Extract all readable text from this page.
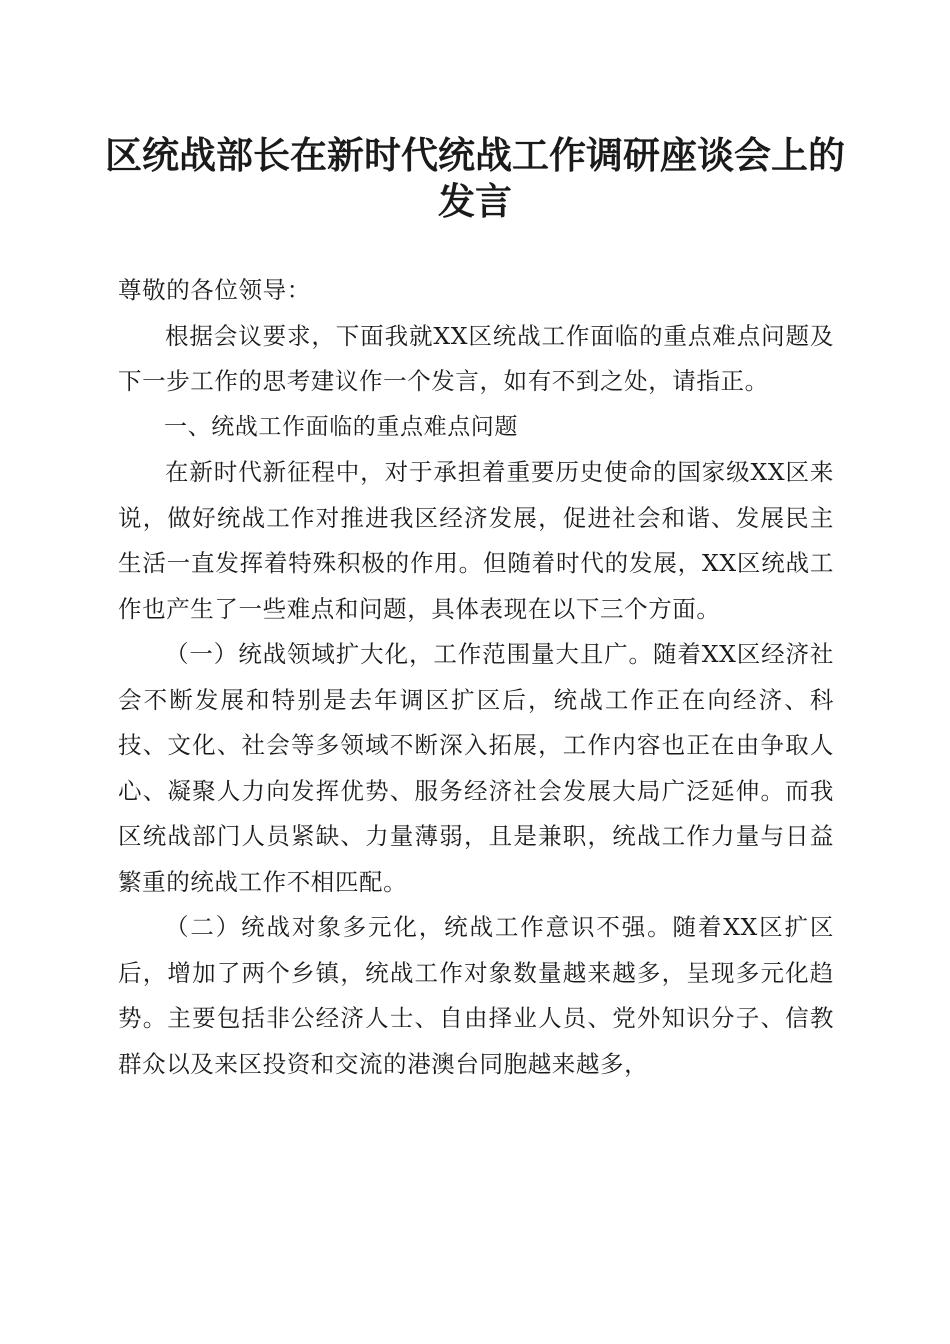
区统战部长在新时代统战工作调研座谈会上的发言

尊敬的各位领导：

根据会议要求，下面我就XX区统战工作面临的重点难点问题及下一步工作的思考建议作一个发言，如有不到之处，请指正。

一、统战工作面临的重点难点问题

在新时代新征程中，对于承担着重要历史使命的国家级XX区来说，做好统战工作对推进我区经济发展，促进社会和谐、发展民主生活一直发挥着特殊积极的作用。但随着时代的发展，XX区统战工作也产生了一些难点和问题，具体表现在以下三个方面。

（一）统战领域扩大化，工作范围量大且广。随着XX区经济社会不断发展和特别是去年调区扩区后，统战工作正在向经济、科技、文化、社会等多领域不断深入拓展，工作内容也正在由争取人心、凝聚人力向发挥优势、服务经济社会发展大局广泛延伸。而我区统战部门人员紧缺、力量薄弱，且是兼职，统战工作力量与日益繁重的统战工作不相匹配。

（二）统战对象多元化，统战工作意识不强。随着XX区扩区后，增加了两个乡镇，统战工作对象数量越来越多，呈现多元化趋势。主要包括非公经济人士、自由择业人员、党外知识分子、信教群众以及来区投资和交流的港澳台同胞越来越多，
